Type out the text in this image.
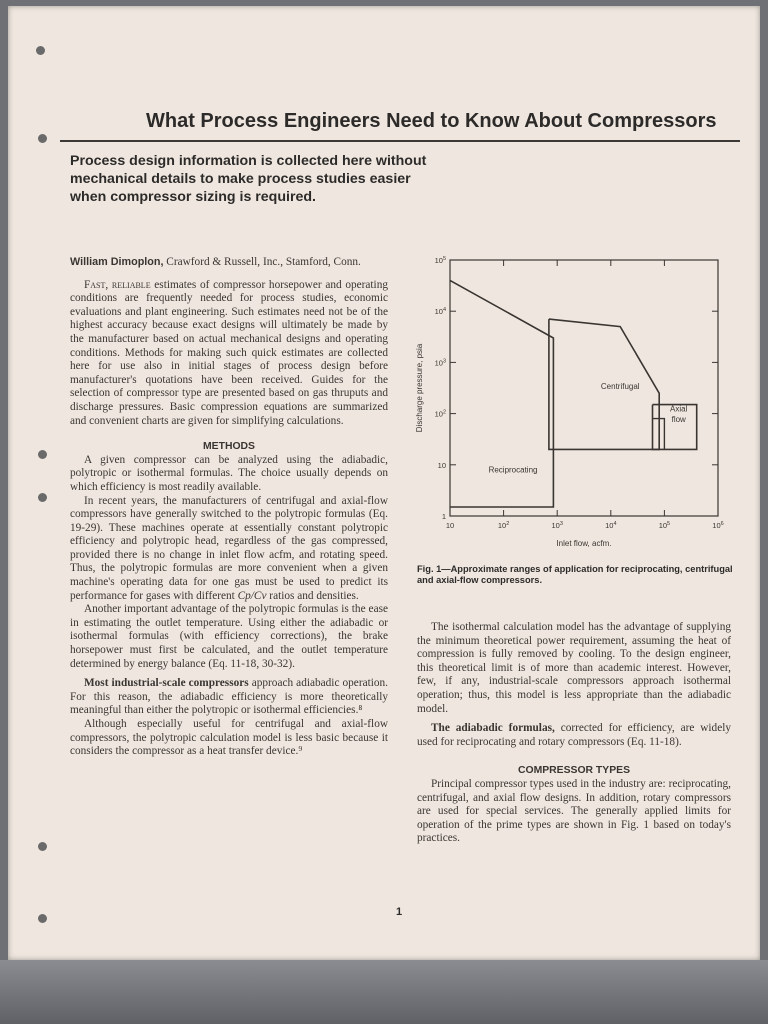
What Process Engineers Need to Know About Compressors
Process design information is collected here without mechanical details to make process studies easier when compressor sizing is required.

William Dimoplon, Crawford & Russell, Inc., Stamford, Conn.

Fast, reliable estimates of compressor horsepower and operating conditions are frequently needed for process studies, economic evaluations and plant engineering. Such estimates need not be of the highest accuracy because exact designs will ultimately be made by the manufacturer based on actual mechanical designs and operating conditions. Methods for making such quick estimates are collected here for use also in initial stages of process design before manufacturer's quotations have been received. Guides for the selection of compressor type are presented based on gas thruputs and discharge pressures. Basic compression equations are summarized and convenient charts are given for simplifying calculations.

METHODS

A given compressor can be analyzed using the adiabadic, polytropic or isothermal formulas. The choice usually depends on which efficiency is most readily available.

In recent years, the manufacturers of centrifugal and axial-flow compressors have generally switched to the polytropic formulas (Eq. 19-29). These machines operate at essentially constant polytropic efficiency and polytropic head, regardless of the gas compressed, provided there is no change in inlet flow acfm, and rotating speed. Thus, the polytropic formulas are more convenient when a given machine's operating data for one gas must be used to predict its performance for gases with different Cp/Cv ratios and densities.

Another important advantage of the polytropic formulas is the ease in estimating the outlet temperature. Using either the adiabadic or isothermal formulas (with efficiency corrections), the brake horsepower must first be calculated, and the outlet temperature determined by energy balance (Eq. 11-18, 30-32).

Most industrial-scale compressors approach adiabadic operation. For this reason, the adiabadic efficiency is more theoretically meaningful than either the polytropic or isothermal efficiencies.⁸

Although especially useful for centrifugal and axial-flow compressors, the polytropic calculation model is less basic because it considers the compressor as a heat transfer device.⁹

10	$10^2$	$10^3$	$10^4$	$10^5$	$10^6$
1
10
$10^2$
$10^3$
$10^4$
$10^5$
Inlet flow, acfm.
Discharge pressure, psia	Centrifugal
Axial
flow
Reciprocating
Fig. 1—Approximate ranges of application for reciprocating, centrifugal and axial-flow compressors.

The isothermal calculation model has the advantage of supplying the minimum theoretical power requirement, assuming the heat of compression is fully removed by cooling. To the design engineer, this theoretical limit is of more than academic interest. However, few, if any, industrial-scale compressors approach isothermal operation; thus, this model is less appropriate than the adiabadic model.

The adiabadic formulas, corrected for efficiency, are widely used for reciprocating and rotary compressors (Eq. 11-18).

COMPRESSOR TYPES

Principal compressor types used in the industry are: reciprocating, centrifugal, and axial flow designs. In addition, rotary compressors are used for special services. The generally applied limits for operation of the prime types are shown in Fig. 1 based on today's practices.

1
